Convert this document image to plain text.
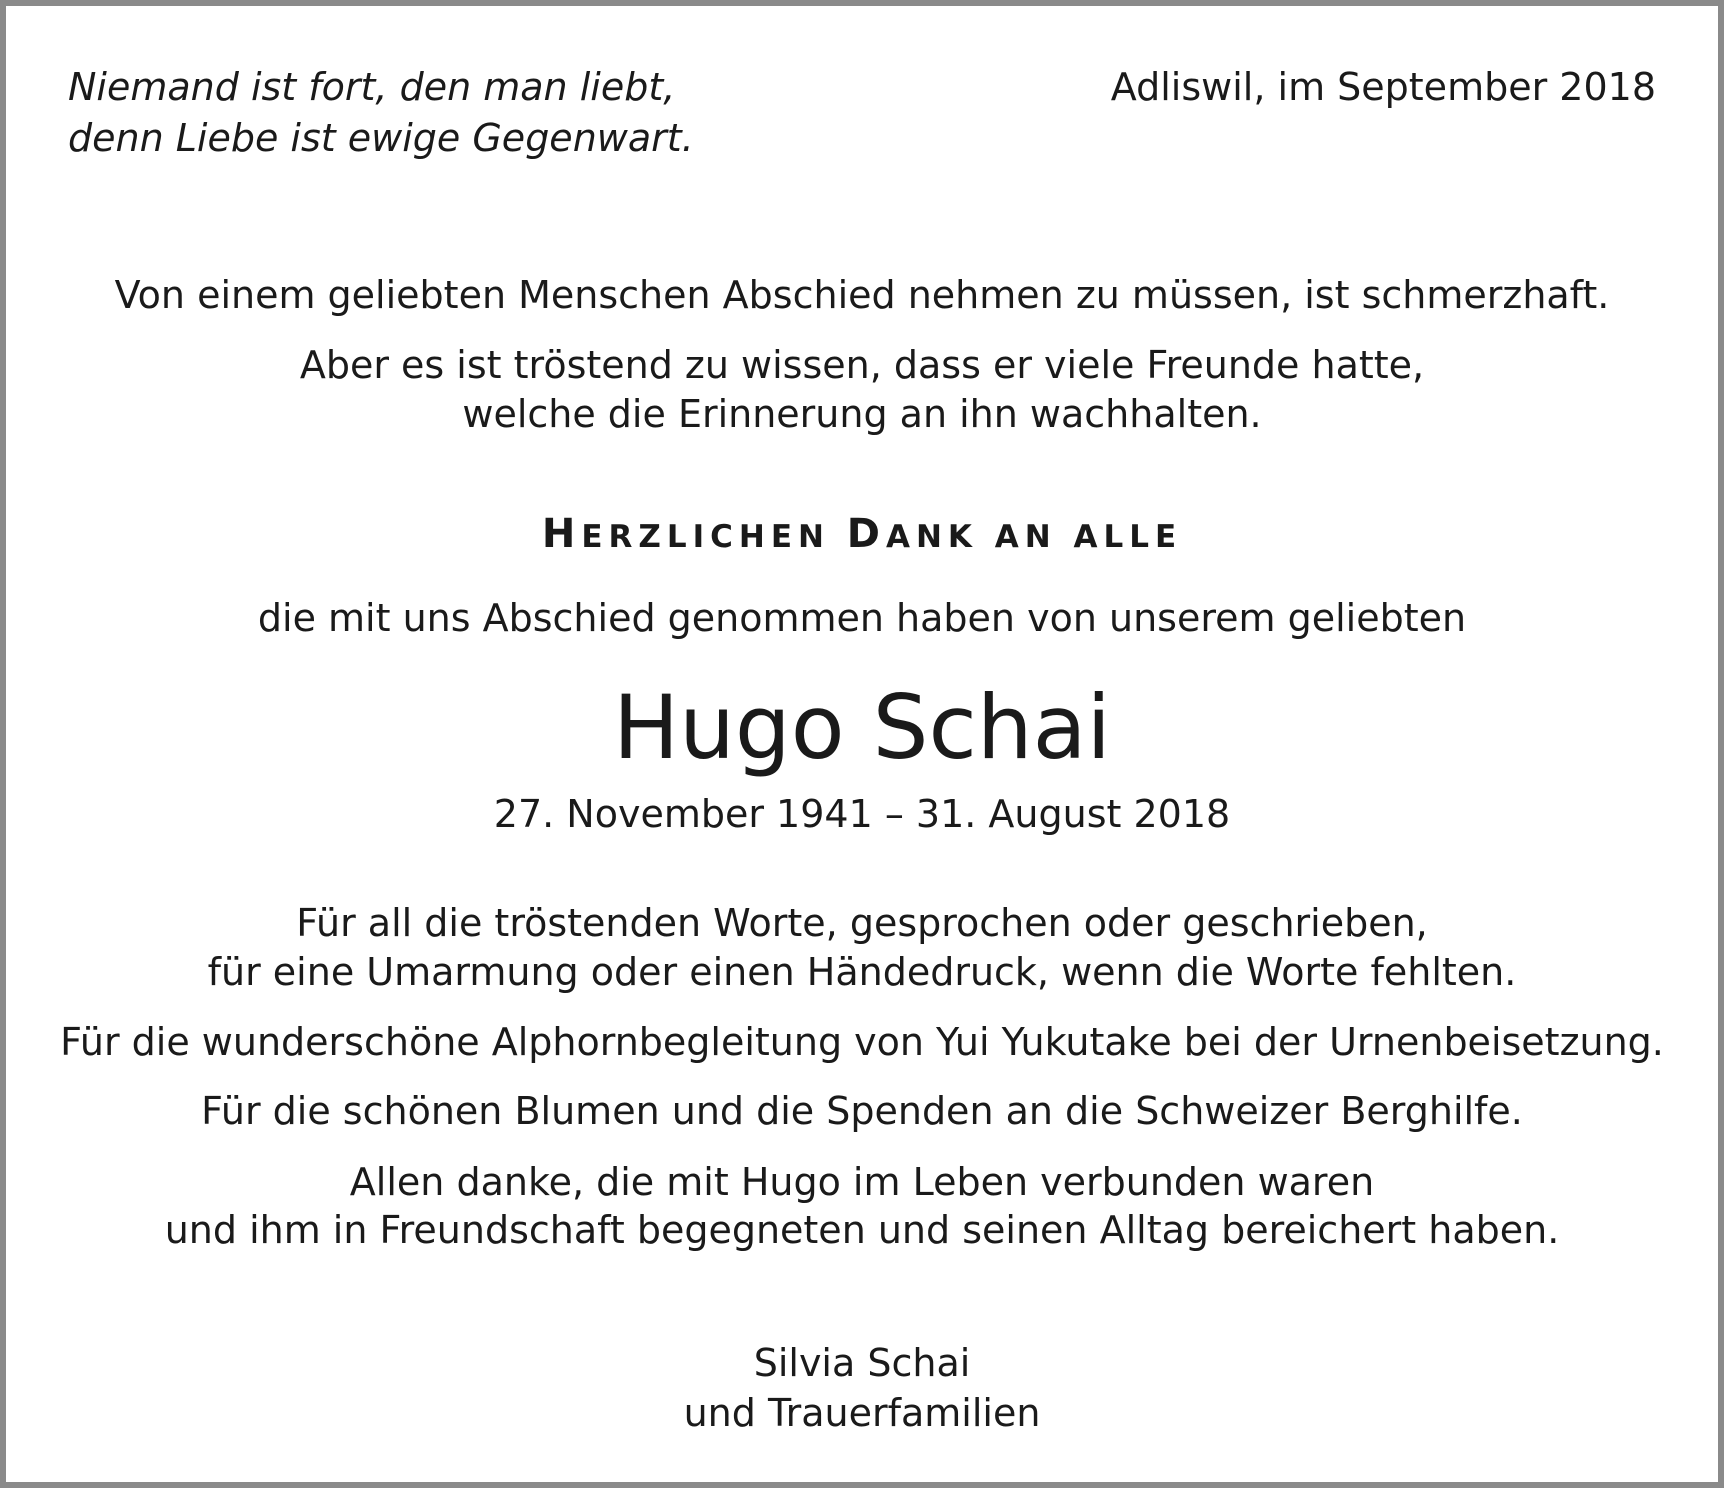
Niemand ist fort, den man liebt,
denn Liebe ist ewige Gegenwart.
Adliswil, im September 2018
Von einem geliebten Menschen Abschied nehmen zu müssen, ist schmerzhaft.
Aber es ist tröstend zu wissen, dass er viele Freunde hatte,
welche die Erinnerung an ihn wachhalten.
HERZLICHEN DANK AN ALLE
die mit uns Abschied genommen haben von unserem geliebten
Hugo Schai
27. November 1941 – 31. August 2018
Für all die tröstenden Worte, gesprochen oder geschrieben,
für eine Umarmung oder einen Händedruck, wenn die Worte fehlten.
Für die wunderschöne Alphornbegleitung von Yui Yukutake bei der Urnenbeisetzung.
Für die schönen Blumen und die Spenden an die Schweizer Berghilfe.
Allen danke, die mit Hugo im Leben verbunden waren
und ihm in Freundschaft begegneten und seinen Alltag bereichert haben.
Silvia Schai
und Trauerfamilien
